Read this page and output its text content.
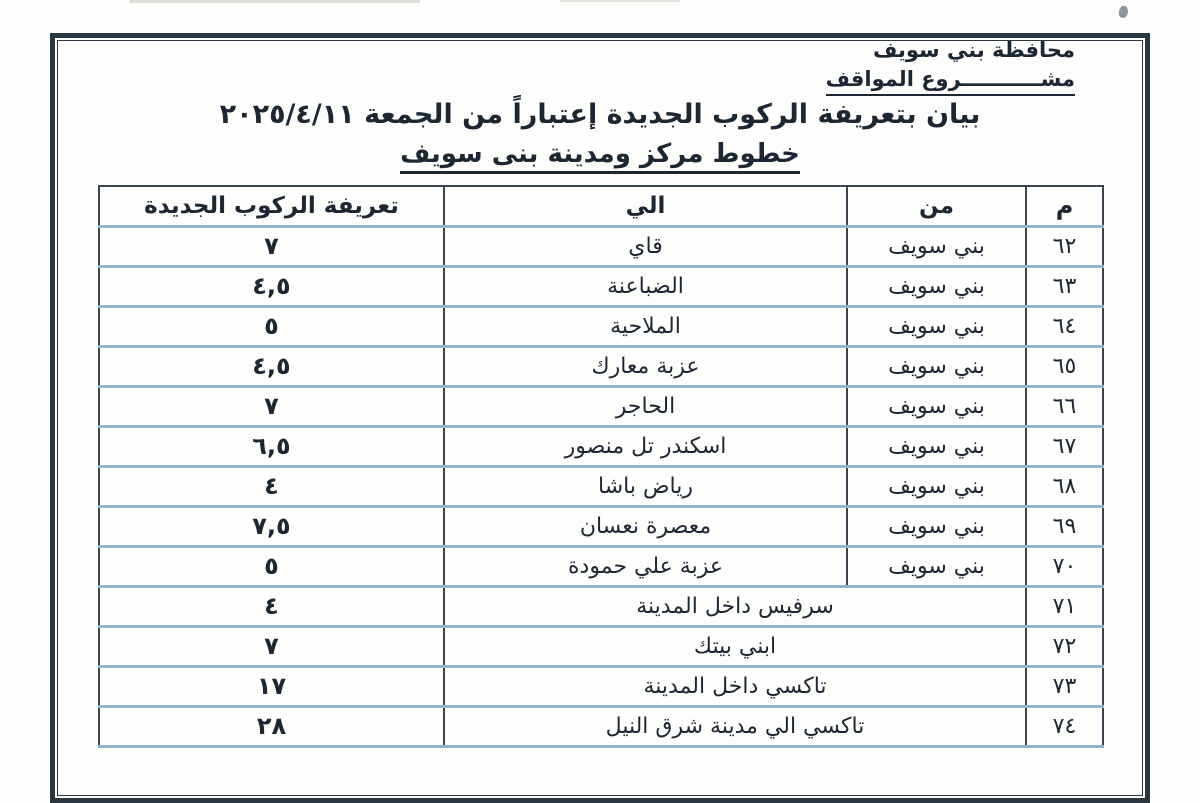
محافظة بني سويف
مشـــــــــــروع المواقف
بيان بتعريفة الركوب الجديدة إعتباراً من الجمعة ٢٠٢٥/٤/١١
خطوط مركز ومدينة بنى سويف
م	من	الي	تعريفة الركوب الجديدة
٦٢	بني سويف	قاي	٧
٦٣	بني سويف	الضباعنة	٤,٥
٦٤	بني سويف	الملاحية	٥
٦٥	بني سويف	عزبة معارك	٤,٥
٦٦	بني سويف	الحاجر	٧
٦٧	بني سويف	اسكندر تل منصور	٦,٥
٦٨	بني سويف	رياض باشا	٤
٦٩	بني سويف	معصرة نعسان	٧,٥
٧٠	بني سويف	عزبة علي حمودة	٥
٧١	سرفيس داخل المدينة		٤
٧٢	ابني بيتك		٧
٧٣	تاكسي داخل المدينة		١٧
٧٤	تاكسي الي مدينة شرق النيل		٢٨
